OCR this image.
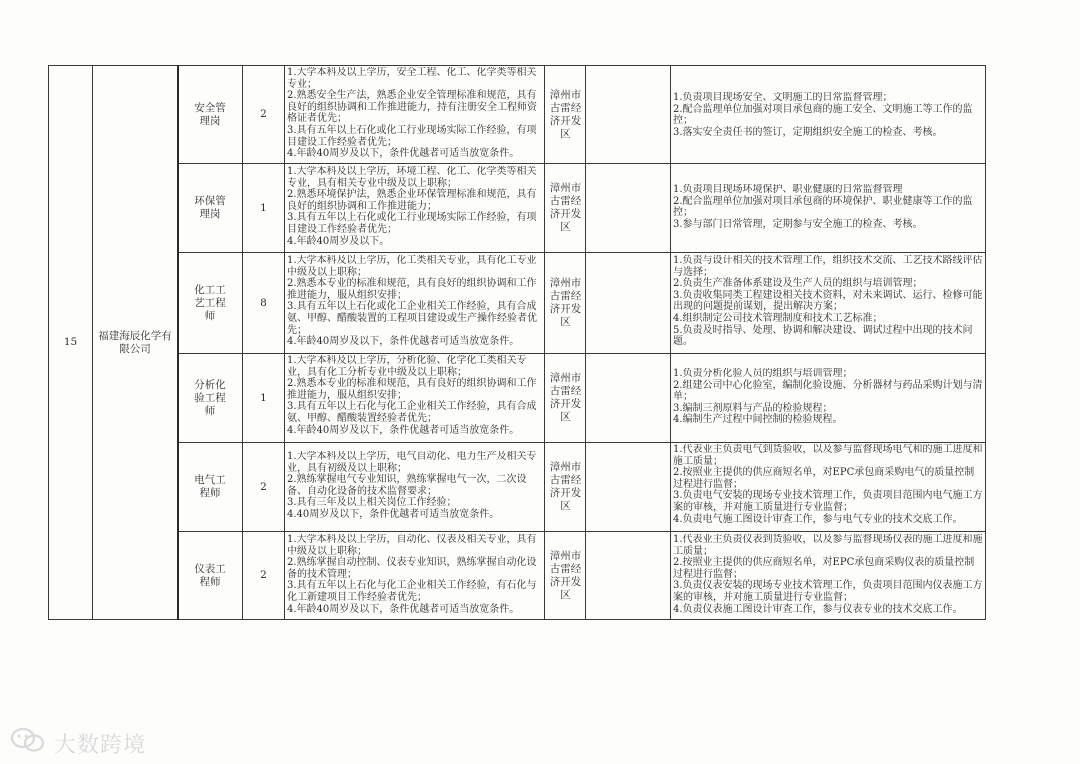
15
福建海辰化学有限公司
安全管理岗
2
1.大学本科及以上学历，安全工程、化工、化学类等相关专业；
2.熟悉安全生产法，熟悉企业安全管理标准和规范，具有良好的组织协调和工作推进能力，持有注册安全工程师资格证者优先；
3.具有五年以上石化或化工行业现场实际工作经验，有项目建设工作经验者优先；
4.年龄40周岁及以下，条件优越者可适当放宽条件。
漳州市古雷经济开发区
1.负责项目现场安全、文明施工的日常监督管理；
2.配合监理单位加强对项目承包商的施工安全、文明施工等工作的监控；
3.落实安全责任书的签订，定期组织安全施工的检查、考核。
环保管理岗
1
1.大学本科及以上学历，环境工程、化工、化学类等相关专业，具有相关专业中级及以上职称；
2.熟悉环境保护法，熟悉企业环保管理标准和规范，具有良好的组织协调和工作推进能力；
3.具有五年以上石化或化工行业现场实际工作经验，有项目建设工作经验者优先；
4.年龄40周岁及以下。
漳州市古雷经济开发区
1.负责项目现场环境保护、职业健康的日常监督管理
2.配合监理单位加强对项目承包商的环境保护、职业健康等工作的监控；
3.参与部门日常管理，定期参与安全施工的检查、考核。
化工工艺工程师
8
1.大学本科及以上学历，化工类相关专业，具有化工专业中级及以上职称；
2.熟悉本专业的标准和规范，具有良好的组织协调和工作推进能力，服从组织安排；
3.具有五年以上石化或化工企业相关工作经验，具有合成氨、甲醇、醋酸装置的工程项目建设或生产操作经验者优先；
4.年龄40周岁及以下，条件优越者可适当放宽条件。
漳州市古雷经济开发区
1.负责与设计相关的技术管理工作，组织技术交流、工艺技术路线评估与选择；
2.负责生产准备体系建设及生产人员的组织与培训管理；
3.负责收集同类工程建设相关技术资料，对未来调试、运行、检修可能出现的问题提前谋划，提出解决方案；
4.组织制定公司技术管理制度和技术工艺标准；
5.负责及时指导、处理、协调和解决建设、调试过程中出现的技术问题。
分析化验工程师
1
1.大学本科及以上学历，分析化验、化学化工类相关专业，具有化工分析专业中级及以上职称；
2.熟悉本专业的标准和规范，具有良好的组织协调和工作推进能力，服从组织安排；
3.具有五年以上石化与化工企业相关工作经验，具有合成氨、甲醇、醋酸装置经验者优先；
4.年龄40周岁及以下，条件优越者可适当放宽条件。
漳州市古雷经济开发区
1.负责分析化验人员的组织与培训管理；
2.组建公司中心化验室，编制化验设施、分析器材与药品采购计划与清单；
3.编制三剂原料与产品的检验规程；
4.编制生产过程中间控制的检验规程。
电气工程师
2
1.大学本科及以上学历，电气自动化、电力生产及相关专业，具有初级及以上职称；
2.熟练掌握电气专业知识，熟练掌握电气一次，二次设备、自动化设备的技术监督要求；
3.具有三年及以上相关岗位工作经验；
4.40周岁及以下，条件优越者可适当放宽条件。
漳州市古雷经济开发区
1.代表业主负责电气到货验收，以及参与监督现场电气和的施工进度和施工质量；
2.按照业主提供的供应商短名单，对EPC承包商采购电气的质量控制过程进行监督；
3.负责电气安装的现场专业技术管理工作，负责项目范围内电气施工方案的审核，并对施工质量进行专业监督；
4.负责电气施工图设计审查工作，参与电气专业的技术交底工作。
仪表工程师
2
1.大学本科及以上学历，自动化、仪表及相关专业，具有中级及以上职称；
2.熟练掌握自动控制、仪表专业知识，熟练掌握自动化设备的技术管理；
3.具有五年以上石化与化工企业相关工作经验，有石化与化工新建项目工作经验者优先；
4.年龄40周岁及以下，条件优越者可适当放宽条件。
漳州市古雷经济开发区
1.代表业主负责仪表到货验收，以及参与监督现场仪表的施工进度和施工质量；
2.按照业主提供的供应商短名单，对EPC承包商采购仪表的质量控制过程进行监督；
3.负责仪表安装的现场专业技术管理工作，负责项目范围内仪表施工方案的审核，并对施工质量进行专业监督；
4.负责仪表施工图设计审查工作，参与仪表专业的技术交底工作。
大数跨境
